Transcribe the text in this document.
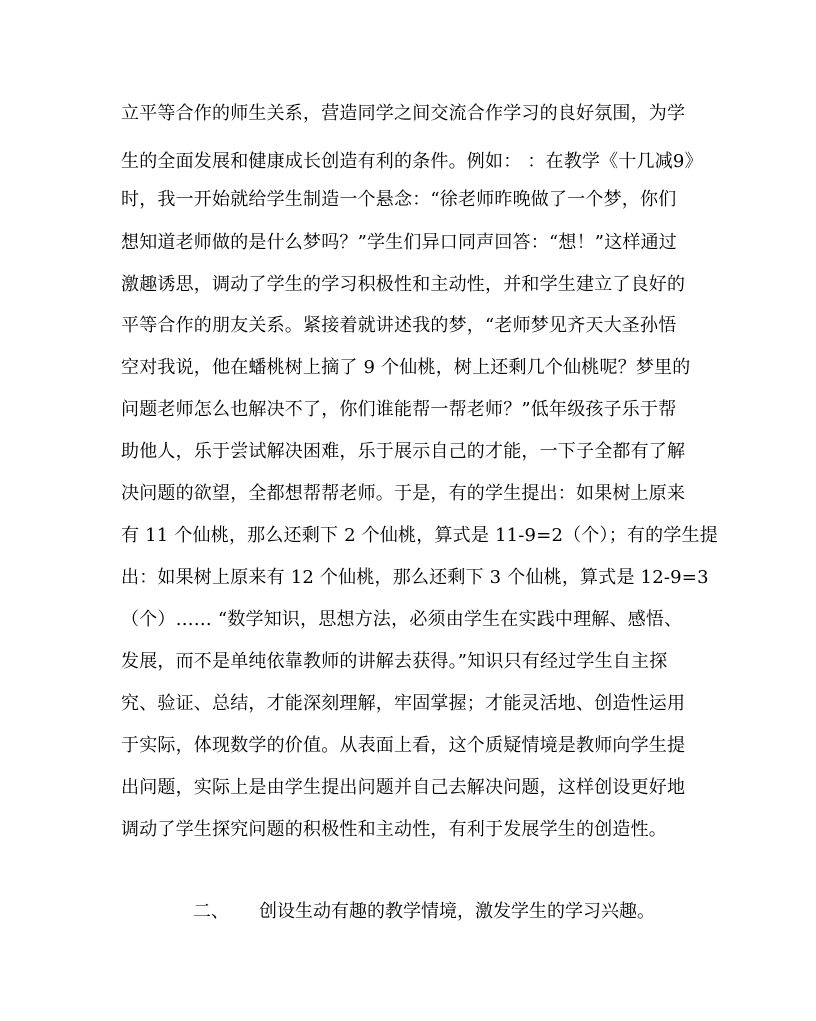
立平等合作的师生关系，营造同学之间交流合作学习的良好氛围，为学
生的全面发展和健康成长创造有利的条件。例如： ：在教学《十几减9》
时，我一开始就给学生制造一个悬念：“徐老师昨晚做了一个梦，你们
想知道老师做的是什么梦吗？”学生们异口同声回答：“想！”这样通过
激趣诱思，调动了学生的学习积极性和主动性，并和学生建立了良好的
平等合作的朋友关系。紧接着就讲述我的梦，“老师梦见齐天大圣孙悟
空对我说，他在蟠桃树上摘了 9 个仙桃，树上还剩几个仙桃呢？梦里的
问题老师怎么也解决不了，你们谁能帮一帮老师？”低年级孩子乐于帮
助他人，乐于尝试解决困难，乐于展示自己的才能，一下子全都有了解
决问题的欲望，全都想帮帮老师。于是，有的学生提出：如果树上原来
有 11 个仙桃，那么还剩下 2 个仙桃，算式是 11-9=2（个）；有的学生提
出：如果树上原来有 12 个仙桃，那么还剩下 3 个仙桃，算式是 12-9=3
（个）…… “数学知识，思想方法，必须由学生在实践中理解、感悟、
发展，而不是单纯依靠教师的讲解去获得。”知识只有经过学生自主探
究、验证、总结，才能深刻理解，牢固掌握；才能灵活地、创造性运用
于实际，体现数学的价值。从表面上看，这个质疑情境是教师向学生提
出问题，实际上是由学生提出问题并自己去解决问题，这样创设更好地
调动了学生探究问题的积极性和主动性，有利于发展学生的创造性。
二、 创设生动有趣的教学情境，激发学生的学习兴趣。
